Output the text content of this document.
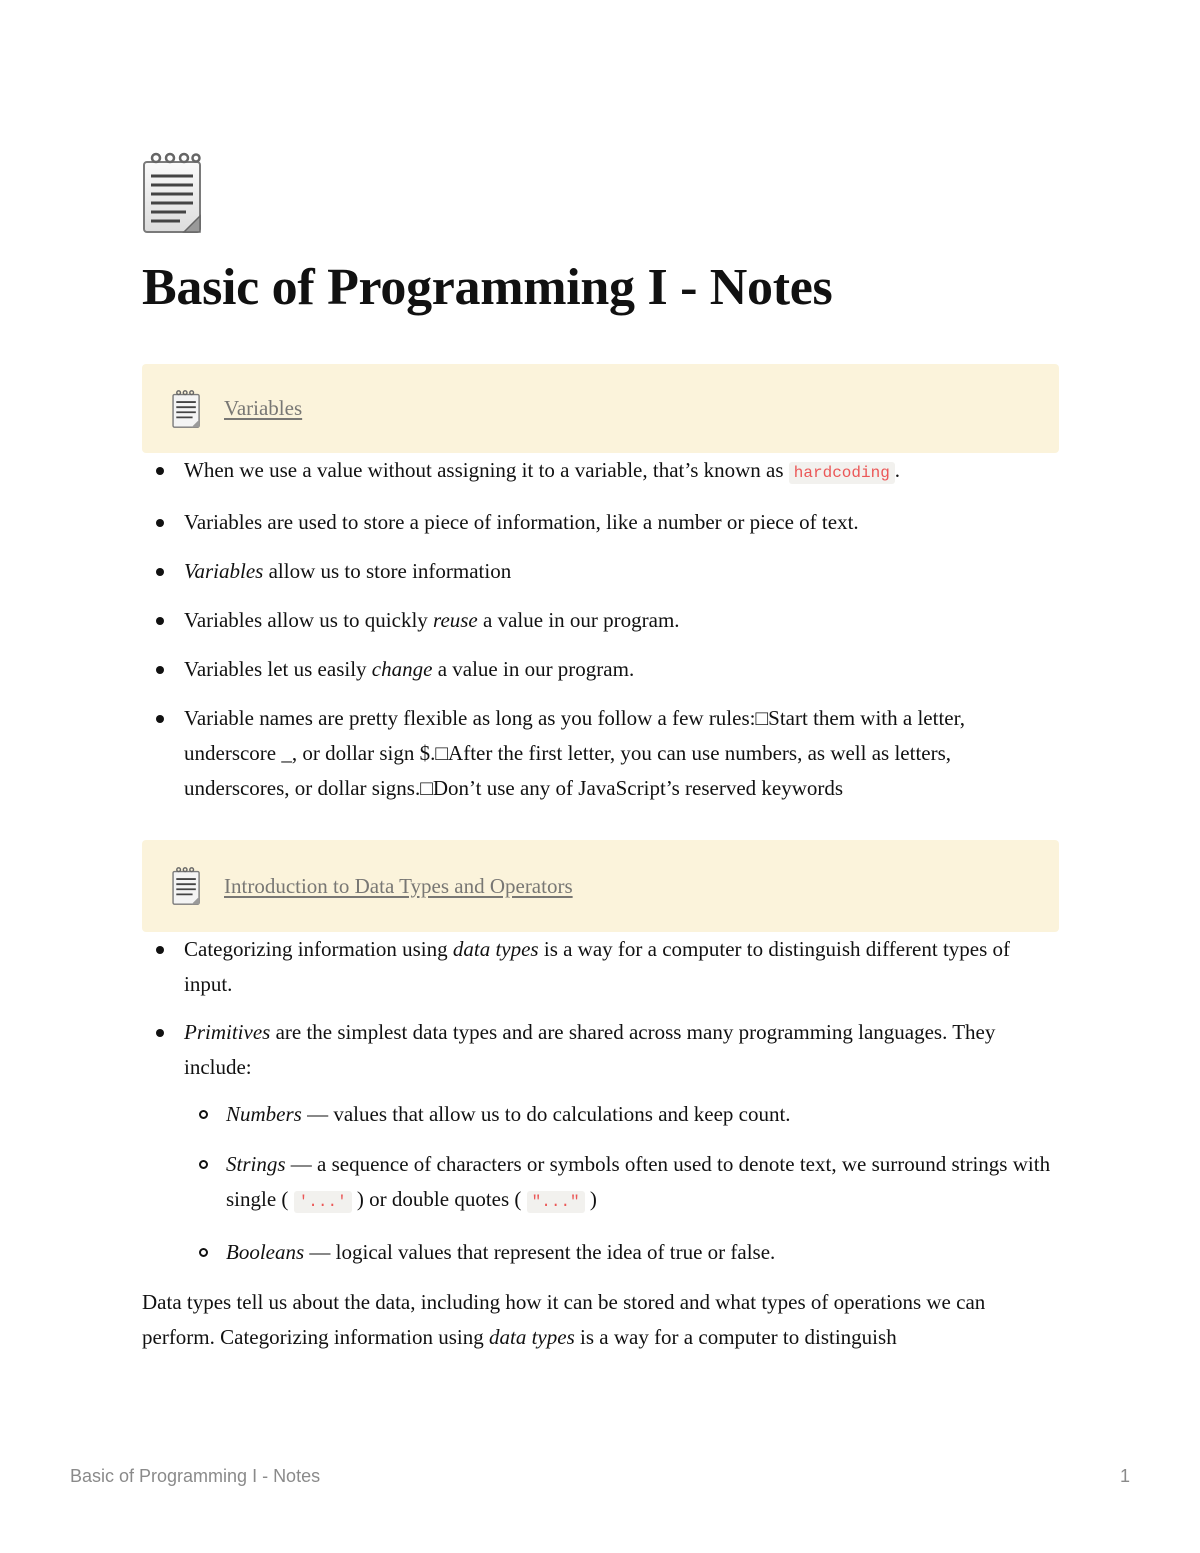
Basic of Programming I - Notes
Variables
When we use a value without assigning it to a variable, that’s known as hardcoding .
Variables are used to store a piece of information, like a number or piece of text.
Variables allow us to store information
Variables allow us to quickly reuse a value in our program.
Variables let us easily change a value in our program.
Variable names are pretty flexible as long as you follow a few rules:□Start them with a letter, underscore _, or dollar sign $.□After the first letter, you can use numbers, as well as letters, underscores, or dollar signs.□Don’t use any of JavaScript’s reserved keywords
Introduction to Data Types and Operators
Categorizing information using data types is a way for a computer to distinguish different types of input.
Primitives are the simplest data types and are shared across many programming languages. They include:
Numbers — values that allow us to do calculations and keep count.
Strings — a sequence of characters or symbols often used to denote text, we surround strings with single ( '...' ) or double quotes ( "..." )
Booleans — logical values that represent the idea of true or false.

Data types tell us about the data, including how it can be stored and what types of operations we can perform. Categorizing information using data types is a way for a computer to distinguish

Basic of Programming I - Notes	1
